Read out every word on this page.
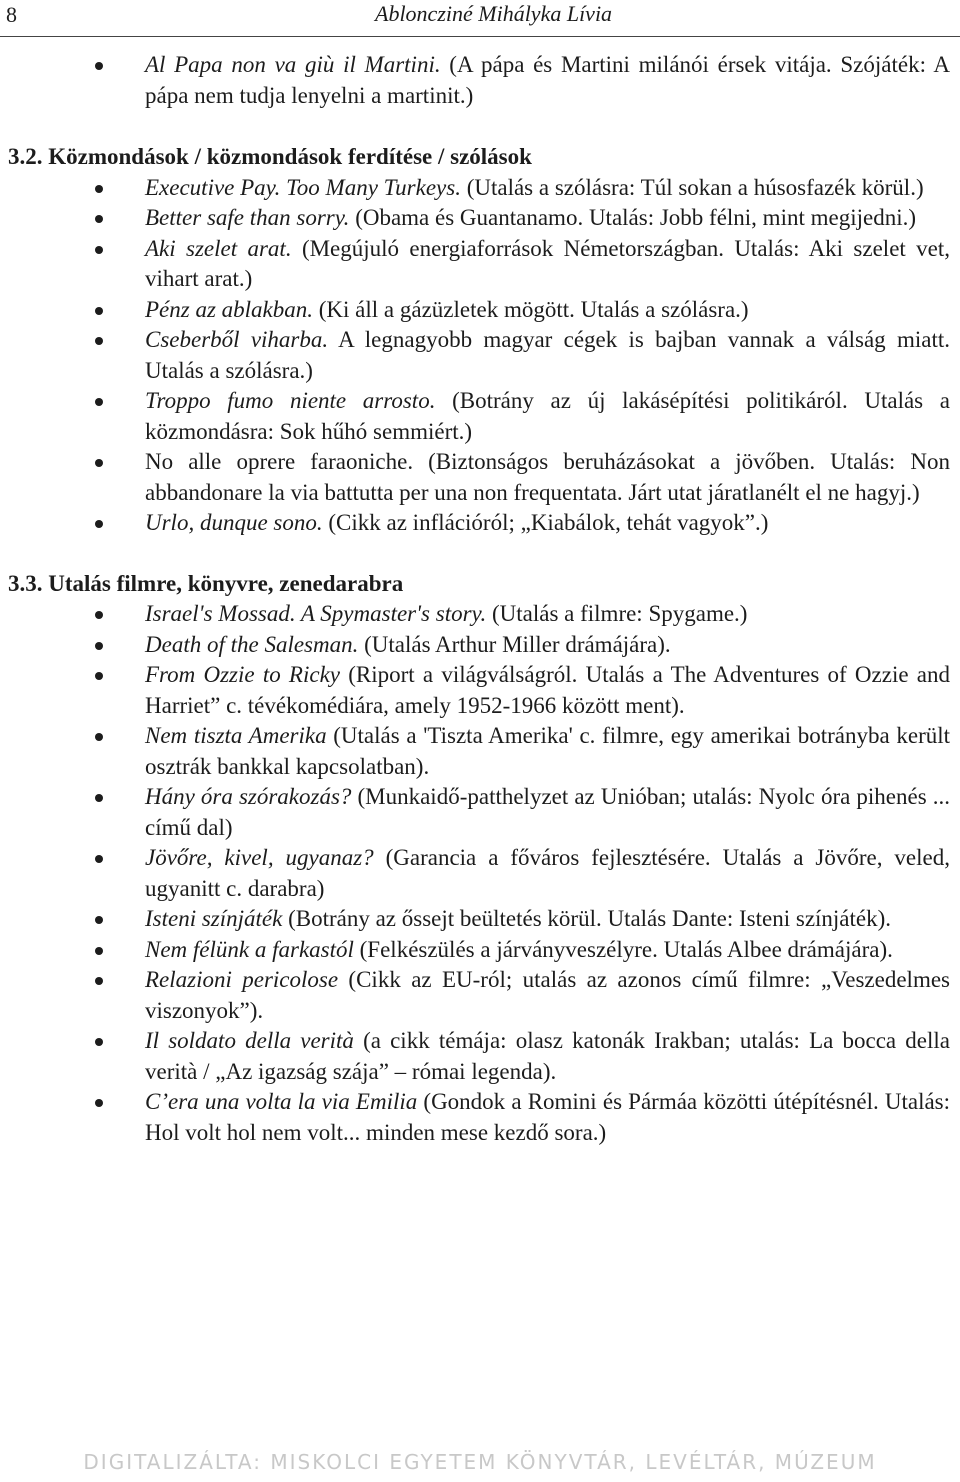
8	Abloncziné Mihályka Lívia
Al Papa non va giù il Martini. (A pápa és Martini milánói érsek vitája. Szójáték: A pápa nem tudja lenyelni a martinit.)
3.2. Közmondások / közmondások ferdítése / szólások
Executive Pay. Too Many Turkeys. (Utalás a szólásra: Túl sokan a húsosfazék körül.)
Better safe than sorry. (Obama és Guantanamo. Utalás: Jobb félni, mint megijedni.)
Aki szelet arat. (Megújuló energiaforrások Németországban. Utalás: Aki szelet vet, vihart arat.)
Pénz az ablakban. (Ki áll a gázüzletek mögött. Utalás a szólásra.)
Cseberből viharba. A legnagyobb magyar cégek is bajban vannak a válság miatt. Utalás a szólásra.)
Troppo fumo niente arrosto. (Botrány az új lakásépítési politikáról. Utalás a közmondásra: Sok hűhó semmiért.)
No alle oprere faraoniche. (Biztonságos beruházásokat a jövőben. Utalás: Non abbandonare la via battutta per una non frequentata. Járt utat járatlanélt el ne hagyj.)
Urlo, dunque sono. (Cikk az inflációról; „Kiabálok, tehát vagyok”.)
3.3. Utalás filmre, könyvre, zenedarabra
Israel's Mossad. A Spymaster's story. (Utalás a filmre: Spygame.)
Death of the Salesman. (Utalás Arthur Miller drámájára).
From Ozzie to Ricky (Riport a világválságról. Utalás a The Adventures of Ozzie and Harriet” c. tévékomédiára, amely 1952-1966 között ment).
Nem tiszta Amerika (Utalás a 'Tiszta Amerika' c. filmre, egy amerikai botrányba került osztrák bankkal kapcsolatban).
Hány óra szórakozás? (Munkaidő-patthelyzet az Unióban; utalás: Nyolc óra pihenés ... című dal)
Jövőre, kivel, ugyanaz? (Garancia a főváros fejlesztésére. Utalás a Jövőre, veled, ugyanitt c. darabra)
Isteni színjáték (Botrány az őssejt beültetés körül. Utalás Dante: Isteni színjáték).
Nem félünk a farkastól (Felkészülés a járványveszélyre. Utalás Albee drámájára).
Relazioni pericolose (Cikk az EU-ról; utalás az azonos című filmre: „Veszedelmes viszonyok”).
Il soldato della verità (a cikk témája: olasz katonák Irakban; utalás: La bocca della verità / „Az igazság szája” – római legenda).
C’era una volta la via Emilia (Gondok a Romini és Pármáa közötti útépítésnél. Utalás: Hol volt hol nem volt... minden mese kezdő sora.)
DIGITALIZÁLTA: MISKOLCI EGYETEM KÖNYVTÁR, LEVÉLTÁR, MÚZEUM
